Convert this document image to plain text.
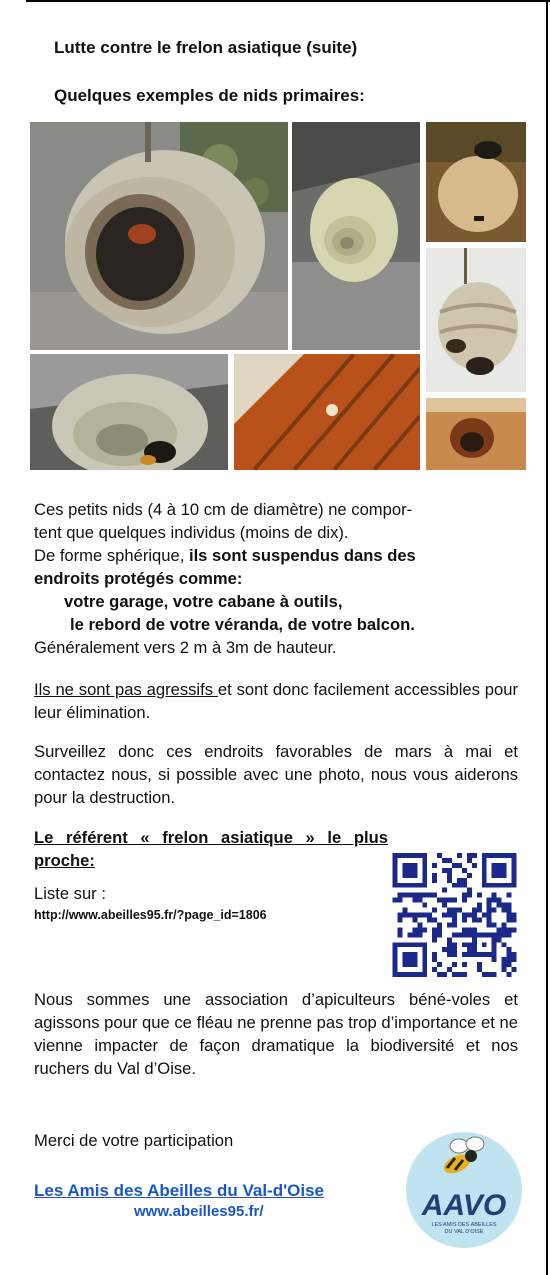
Lutte contre le frelon asiatique (suite)
Quelques exemples de nids primaires:
Ces petits nids (4 à 10 cm de diamètre) ne compor-
tent que quelques individus (moins de dix).
De forme sphérique, ils sont suspendus dans des
endroits protégés comme:
votre garage, votre cabane à outils,
le rebord de votre véranda, de votre balcon.
Généralement vers 2 m à 3m de hauteur.
Ils ne sont pas agressifs et sont donc facilement accessibles pour leur élimination.
Surveillez donc ces endroits favorables de mars à mai et contactez nous, si possible avec une photo, nous vous aiderons pour la destruction.
Le référent « frelon asiatique » le plus proche:
Liste sur :
http://www.abeilles95.fr/?page_id=1806
Nous sommes une association d’apiculteurs béné-voles et agissons pour que ce fléau ne prenne pas trop d’importance et ne vienne impacter de façon dramatique la biodiversité et nos ruchers du Val d’Oise.
Merci de votre participation
Les Amis des Abeilles du Val-d'Oise
www.abeilles95.fr/	AAVO
LES AMIS DES ABEILLES
DU VAL D'OISE
